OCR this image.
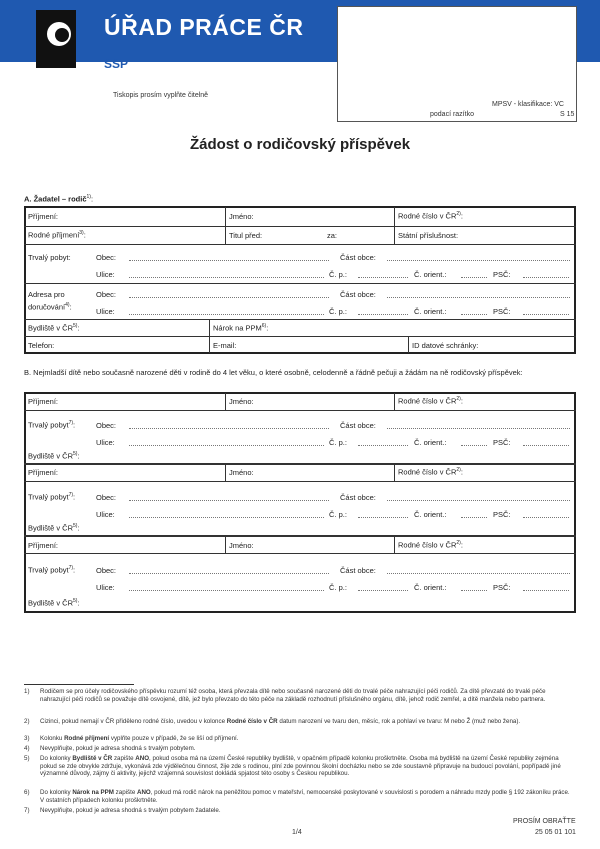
ÚŘAD PRÁCE ČR
SSP
Tiskopis prosím vyplňte čitelně
MPSV - klasifikace: VC
podací razítko	S 15
Žádost o rodičovský příspěvek
A. Žadatel – rodič$^{1)}$:
Příjmení:	Jméno:	Rodné číslo v ČR$^{2)}$:
Rodné příjmení$^{3)}$:	Titul před:	za:	Státní příslušnost:
Trvalý pobyt:	Obec:	Část obce:
Ulice:	Č. p.:	Č. orient.:	PSČ:
Adresa pro
doručování$^{4)}$:
Obec:	Část obce:
Ulice:	Č. p.:	Č. orient.:	PSČ:
Bydliště v ČR$^{5)}$:	Nárok na PPM$^{6)}$:
Telefon:	E-mail:	ID datové schránky:
B. Nejmladší dítě nebo současně narozené děti v rodině do 4 let věku, o které osobně, celodenně a řádně pečuji a žádám na ně rodičovský příspěvek:
Příjmení:	Jméno:	Rodné číslo v ČR$^{2)}$:
Trvalý pobyt$^{7)}$:	Obec:	Část obce:
Ulice:	Č. p.:	Č. orient.:	PSČ:
Bydliště v ČR$^{5)}$:
Příjmení:	Jméno:	Rodné číslo v ČR$^{2)}$:
Trvalý pobyt$^{7)}$:	Obec:	Část obce:
Ulice:	Č. p.:	Č. orient.:	PSČ:
Bydliště v ČR$^{5)}$:
Příjmení:	Jméno:	Rodné číslo v ČR$^{2)}$:
Trvalý pobyt$^{7)}$:	Obec:	Část obce:
Ulice:	Č. p.:	Č. orient.:	PSČ:
Bydliště v ČR$^{5)}$:
1) Rodičem se pro účely rodičovského příspěvku rozumí též osoba, která převzala dítě nebo současně narozené děti do trvalé péče nahrazující péči rodičů. Za dítě převzaté do trvalé péče nahrazující péči rodičů se považuje dítě osvojené, dítě, jež bylo převzato do této péče na základě rozhodnutí příslušného orgánu, dítě, jehož rodič zemřel, a dítě manžela nebo partnera.
2) Cizinci, pokud nemají v ČR přiděleno rodné číslo, uvedou v kolonce Rodné číslo v ČR datum narození ve tvaru den, měsíc, rok a pohlaví ve tvaru: M nebo Ž (muž nebo žena).
3) Kolonku Rodné příjmení vyplňte pouze v případě, že se liší od příjmení.
4) Nevyplňujte, pokud je adresa shodná s trvalým pobytem.
5) Do kolonky Bydliště v ČR zapište ANO, pokud osoba má na území České republiky bydliště, v opačném případě kolonku proškrtněte. Osoba má bydliště na území České republiky zejména pokud se zde obvykle zdržuje, vykonává zde výdělečnou činnost, žije zde s rodinou, plní zde povinnou školní docházku nebo se zde soustavně připravuje na budoucí povolání, popřípadě jiné významné důvody, zájmy či aktivity, jejichž vzájemná souvislost dokládá spjatost této osoby s Českou republikou.
6) Do kolonky Nárok na PPM zapište ANO, pokud má rodič nárok na peněžitou pomoc v mateřství, nemocenské poskytované v souvislosti s porodem a náhradu mzdy podle § 192 zákoníku práce. V ostatních případech kolonku proškrtněte.
7) Nevyplňujte, pokud je adresa shodná s trvalým pobytem žadatele.
PROSÍM OBRAŤTE
1/4	25 05 01 101
